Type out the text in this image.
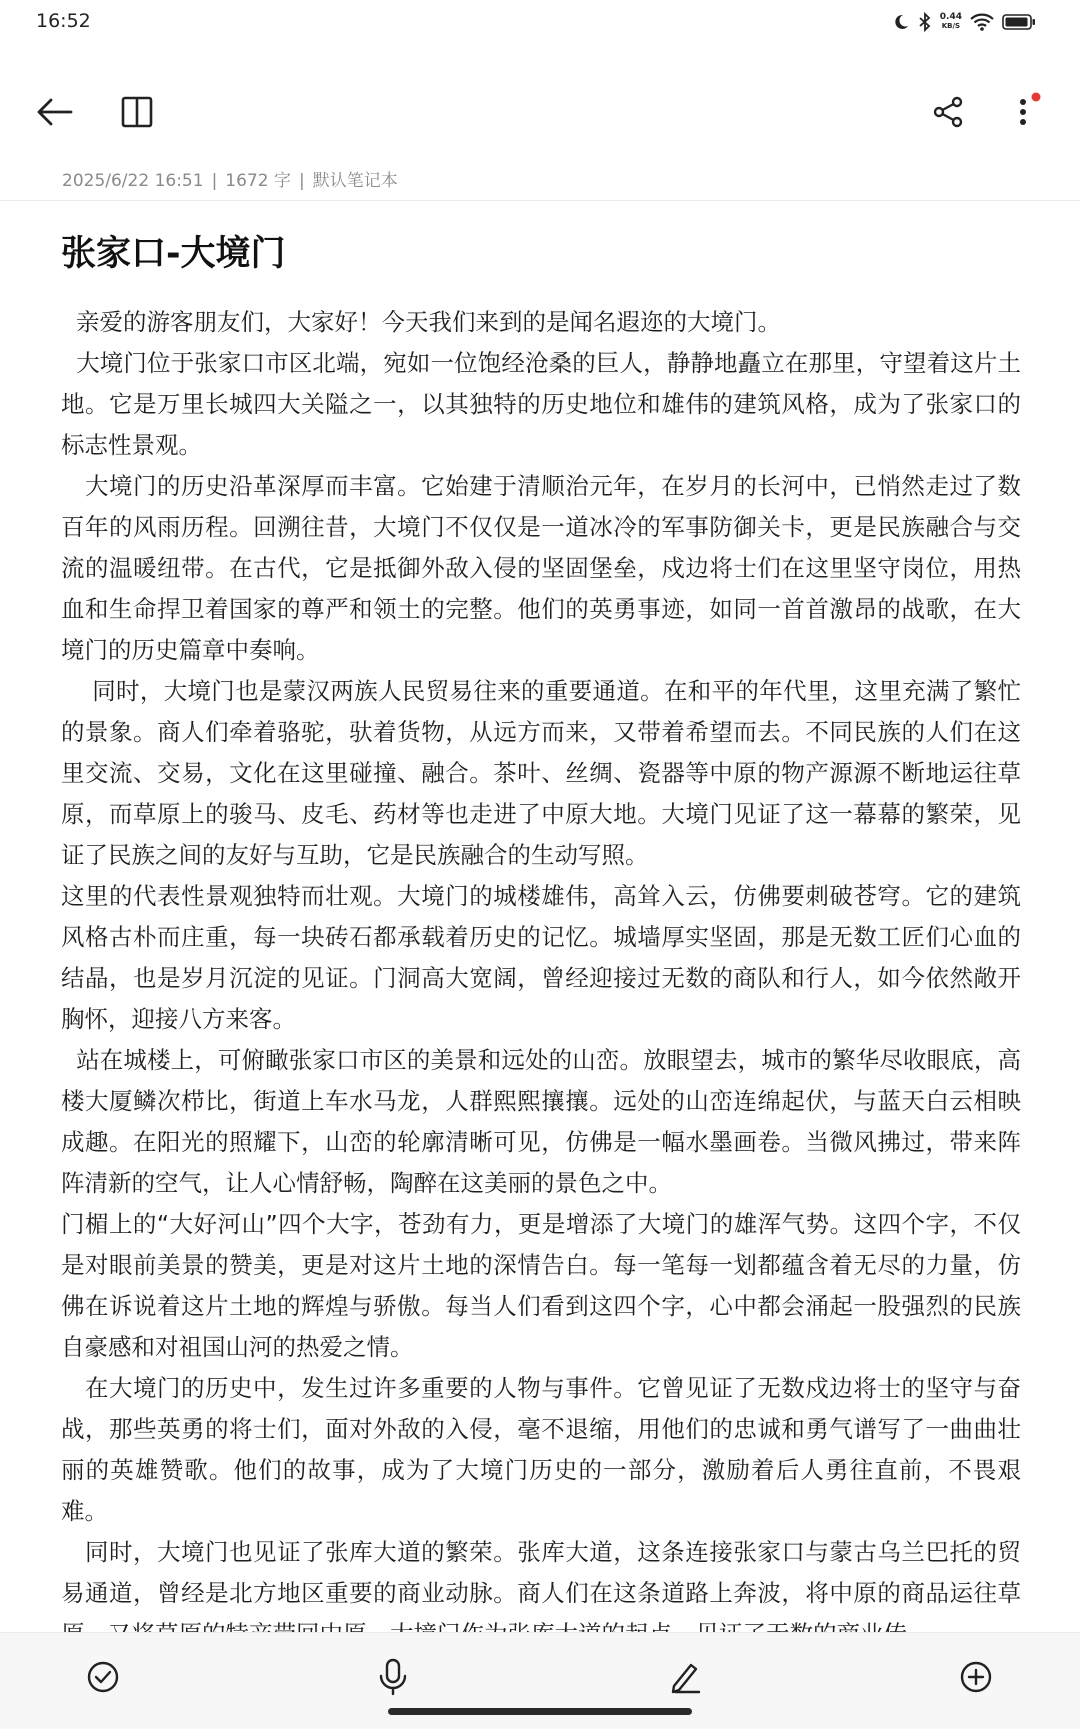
16:52	0.44
KB/S
2025/6/22 16:51 | 1672 字 | 默认笔记本
张家口-大境门

亲爱的游客朋友们，大家好！今天我们来到的是闻名遐迩的大境门。

大境门位于张家口市区北端，宛如一位饱经沧桑的巨人，静静地矗立在那里，守望着这片土地。它是万里长城四大关隘之一，以其独特的历史地位和雄伟的建筑风格，成为了张家口的标志性景观。

大境门的历史沿革深厚而丰富。它始建于清顺治元年，在岁月的长河中，已悄然走过了数百年的风雨历程。回溯往昔，大境门不仅仅是一道冰冷的军事防御关卡，更是民族融合与交流的温暖纽带。在古代，它是抵御外敌入侵的坚固堡垒，戍边将士们在这里坚守岗位，用热血和生命捍卫着国家的尊严和领土的完整。他们的英勇事迹，如同一首首激昂的战歌，在大境门的历史篇章中奏响。

同时，大境门也是蒙汉两族人民贸易往来的重要通道。在和平的年代里，这里充满了繁忙的景象。商人们牵着骆驼，驮着货物，从远方而来，又带着希望而去。不同民族的人们在这里交流、交易，文化在这里碰撞、融合。茶叶、丝绸、瓷器等中原的物产源源不断地运往草原，而草原上的骏马、皮毛、药材等也走进了中原大地。大境门见证了这一幕幕的繁荣，见证了民族之间的友好与互助，它是民族融合的生动写照。

这里的代表性景观独特而壮观。大境门的城楼雄伟，高耸入云，仿佛要刺破苍穹。它的建筑风格古朴而庄重，每一块砖石都承载着历史的记忆。城墙厚实坚固，那是无数工匠们心血的结晶，也是岁月沉淀的见证。门洞高大宽阔，曾经迎接过无数的商队和行人，如今依然敞开胸怀，迎接八方来客。

站在城楼上，可俯瞰张家口市区的美景和远处的山峦。放眼望去，城市的繁华尽收眼底，高楼大厦鳞次栉比，街道上车水马龙，人群熙熙攘攘。远处的山峦连绵起伏，与蓝天白云相映成趣。在阳光的照耀下，山峦的轮廓清晰可见，仿佛是一幅水墨画卷。当微风拂过，带来阵阵清新的空气，让人心情舒畅，陶醉在这美丽的景色之中。

门楣上的“大好河山”四个大字，苍劲有力，更是增添了大境门的雄浑气势。这四个字，不仅是对眼前美景的赞美，更是对这片土地的深情告白。每一笔每一划都蕴含着无尽的力量，仿佛在诉说着这片土地的辉煌与骄傲。每当人们看到这四个字，心中都会涌起一股强烈的民族自豪感和对祖国山河的热爱之情。

在大境门的历史中，发生过许多重要的人物与事件。它曾见证了无数戍边将士的坚守与奋战，那些英勇的将士们，面对外敌的入侵，毫不退缩，用他们的忠诚和勇气谱写了一曲曲壮丽的英雄赞歌。他们的故事，成为了大境门历史的一部分，激励着后人勇往直前，不畏艰难。

同时，大境门也见证了张库大道的繁荣。张库大道，这条连接张家口与蒙古乌兰巴托的贸易通道，曾经是北方地区重要的商业动脉。商人们在这条道路上奔波，将中原的商品运往草
